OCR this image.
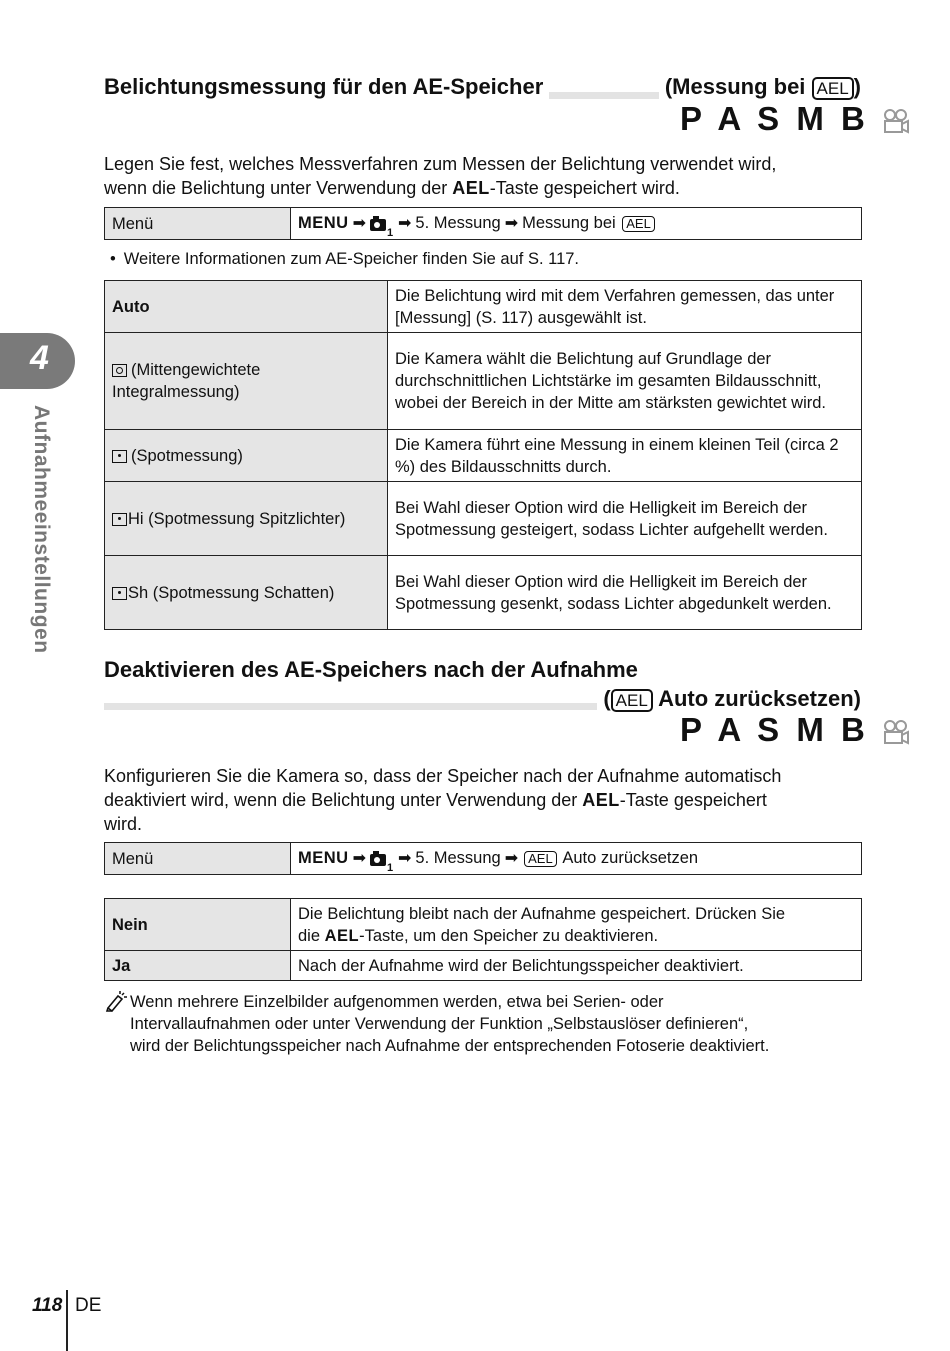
Belichtungsmessung für den AE-Speicher	(Messung bei AEL )
P A S M B
Legen Sie fest, welches Messverfahren zum Messen der Belichtung verwendet wird,
wenn die Belichtung unter Verwendung der AEL-Taste gespeichert wird.
Menü	MENU ➡
1
➡ 5. Messung ➡ Messung bei AEL
• Weitere Informationen zum AE-Speicher finden Sie auf S. 117.
Auto	Die Belichtung wird mit dem Verfahren gemessen, das unter [Messung] (S. 117) ausgewählt ist.
(Mittengewichtete
Integralmessung)	Die Kamera wählt die Belichtung auf Grundlage der durchschnittlichen Lichtstärke im gesamten Bildausschnitt, wobei der Bereich in der Mitte am stärksten gewichtet wird.
(Spotmessung)	Die Kamera führt eine Messung in einem kleinen Teil (circa 2 %) des Bildausschnitts durch.
Hi (Spotmessung Spitzlichter)	Bei Wahl dieser Option wird die Helligkeit im Bereich der Spotmessung gesteigert, sodass Lichter aufgehellt werden.
Sh (Spotmessung Schatten)	Bei Wahl dieser Option wird die Helligkeit im Bereich der Spotmessung gesenkt, sodass Lichter abgedunkelt werden.
Deaktivieren des AE-Speichers nach der Aufnahme
( AEL Auto zurücksetzen)
P A S M B
Konfigurieren Sie die Kamera so, dass der Speicher nach der Aufnahme automatisch
deaktiviert wird, wenn die Belichtung unter Verwendung der AEL-Taste gespeichert
wird.
Menü	MENU ➡
1
➡ 5. Messung ➡ AEL Auto zurücksetzen
Nein	Die Belichtung bleibt nach der Aufnahme gespeichert. Drücken Sie
die AEL-Taste, um den Speicher zu deaktivieren.
Ja	Nach der Aufnahme wird der Belichtungsspeicher deaktiviert.
Wenn mehrere Einzelbilder aufgenommen werden, etwa bei Serien- oder
Intervallaufnahmen oder unter Verwendung der Funktion „Selbstauslöser definieren“,
wird der Belichtungsspeicher nach Aufnahme der entsprechenden Fotoserie deaktiviert.
4
Aufnahmeeinstellungen
118 DE
